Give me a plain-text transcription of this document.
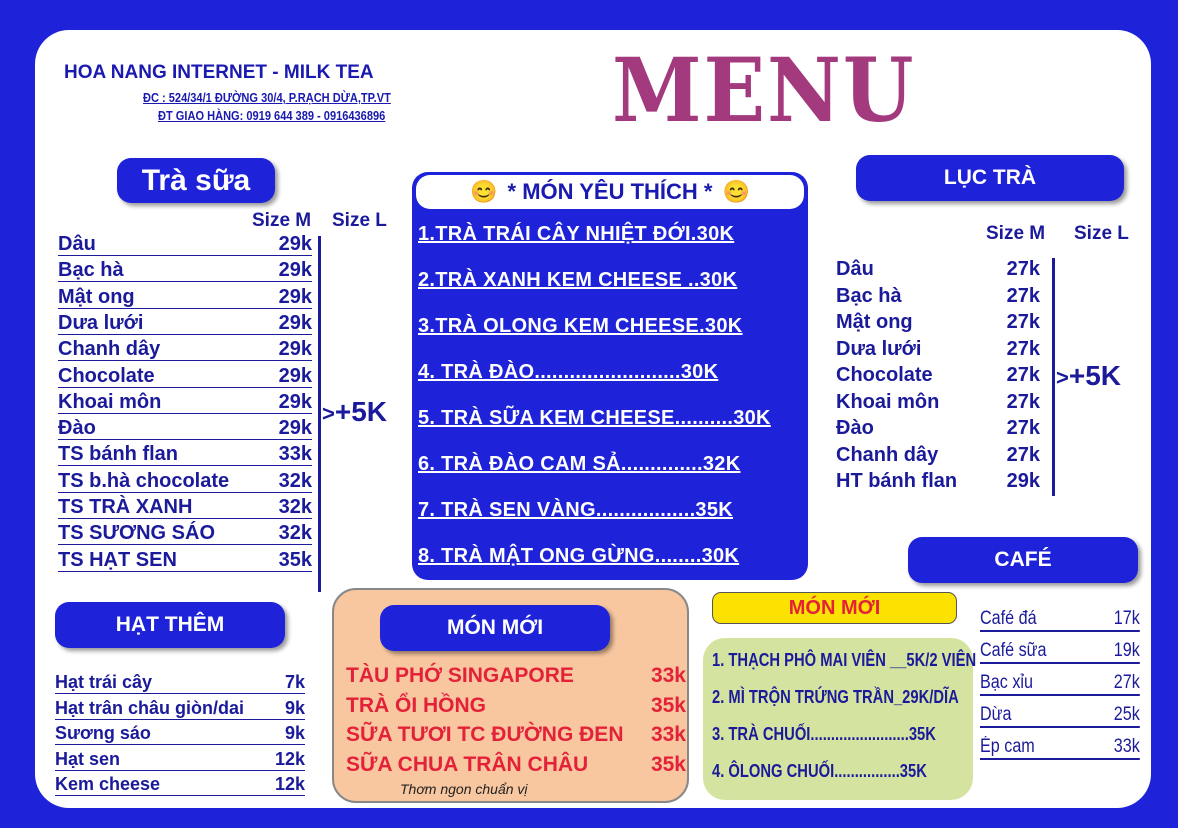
HOA NANG INTERNET - MILK TEA
ĐC : 524/34/1 ĐƯỜNG 30/4, P.RẠCH DỪA,TP.VT
ĐT GIAO HÀNG: 0919 644 389 - 0916436896	MENU
Trà sữa
Size M Size L
Dâu	29k
Bạc hà	29k
Mật ong	29k
Dưa lưới	29k
Chanh dây	29k
Chocolate	29k
Khoai môn	29k
Đào	29k
TS bánh flan	33k
TS b.hà chocolate 32k
TS TRÀ XANH	32k
TS SƯƠNG SÁO	32k
TS HẠT SEN	35k
>+5K
😊 * MÓN YÊU THÍCH * 😊
1.TRÀ TRÁI CÂY NHIỆT ĐỚI.30K
2.TRÀ XANH KEM CHEESE ..30K
3.TRÀ OLONG KEM CHEESE.30K
4. TRÀ ĐÀO.........................30K
5. TRÀ SỮA KEM CHEESE..........30K
6. TRÀ ĐÀO CAM SẢ..............32K
7. TRÀ SEN VÀNG.................35K
8. TRÀ MẬT ONG GỪNG........30K
LỤC TRÀ
Size M Size L
Dâu	27k
Bạc hà	27k
Mật ong	27k
Dưa lưới	27k
Chocolate	27k
Khoai môn	27k
Đào	27k
Chanh dây	27k
HT bánh flan 29k
>+5K
CAFÉ
Café đá	17k
Café sữa	19k
Bạc xỉu	27k
Dừa	25k
Ép cam	33k
HẠT THÊM
Hạt trái cây	7k
Hạt trân châu giòn/dai 9k
Sương sáo	9k
Hạt sen	12k
Kem cheese	12k
MÓN MỚI
TÀU PHỚ SINGAPORE	33k
TRÀ ỔI HỒNG	35k
SỮA TƯƠI TC ĐƯỜNG ĐEN 33k
SỮA CHUA TRÂN CHÂU	35k
Thơm ngon chuẩn vị
MÓN MỚI
1. THẠCH PHÔ MAI VIÊN __5K/2 VIÊN
2. MÌ TRỘN TRỨNG TRẦN_29K/DĨA
3. TRÀ CHUỐI........................35K
4. ÔLONG CHUỐI................35K
